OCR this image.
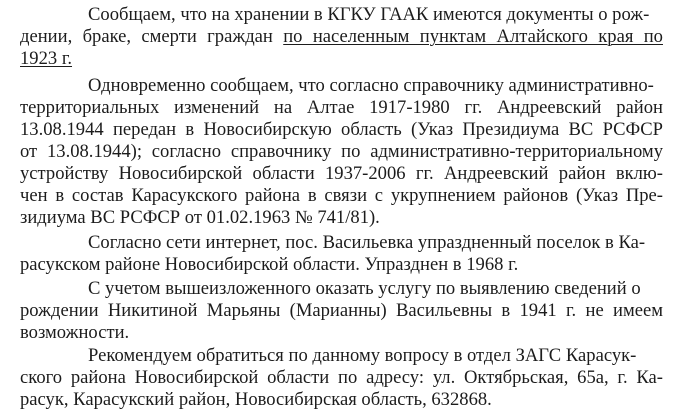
Сообщаем, что на хранении в КГКУ ГААК имеются документы о рож-
дении, браке, смерти граждан по населенным пунктам Алтайского края по
1923 г.
Одновременно сообщаем, что согласно справочнику административно-
территориальных изменений на Алтае 1917-1980 гг. Андреевский район
13.08.1944 передан в Новосибирскую область (Указ Президиума ВС РСФСР
от 13.08.1944); согласно справочнику по административно-территориальному
устройству Новосибирской области 1937-2006 гг. Андреевский район вклю-
чен в состав Карасукского района в связи с укрупнением районов (Указ Пре-
зидиума ВС РСФСР от 01.02.1963 № 741/81).
Согласно сети интернет, пос. Васильевка упраздненный поселок в Ка-
расукском районе Новосибирской области. Упразднен в 1968 г.
С учетом вышеизложенного оказать услугу по выявлению сведений о
рождении Никитиной Марьяны (Марианны) Васильевны в 1941 г. не имеем
возможности.
Рекомендуем обратиться по данному вопросу в отдел ЗАГС Карасук-
ского района Новосибирской области по адресу: ул. Октябрьская, 65а, г. Ка-
расук, Карасукский район, Новосибирская область, 632868.
